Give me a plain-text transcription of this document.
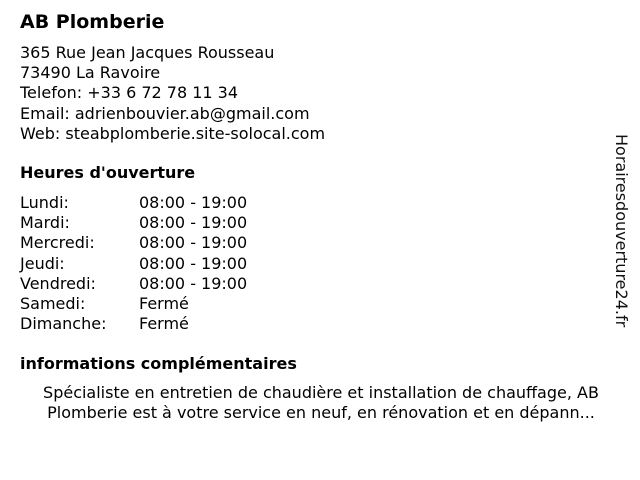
AB Plomberie
365 Rue Jean Jacques Rousseau
73490 La Ravoire
Telefon: +33 6 72 78 11 34
Email: adrienbouvier.ab@gmail.com
Web: steabplomberie.site-solocal.com
Heures d'ouverture
Lundi:	08:00 - 19:00
Mardi:	08:00 - 19:00
Mercredi:	08:00 - 19:00
Jeudi:	08:00 - 19:00
Vendredi:	08:00 - 19:00
Samedi:	Fermé
Dimanche: Fermé
informations complémentaires
Spécialiste en entretien de chaudière et installation de chauffage, AB Plomberie est à votre service en neuf, en rénovation et en dépann...
Horairesdouverture24.fr
